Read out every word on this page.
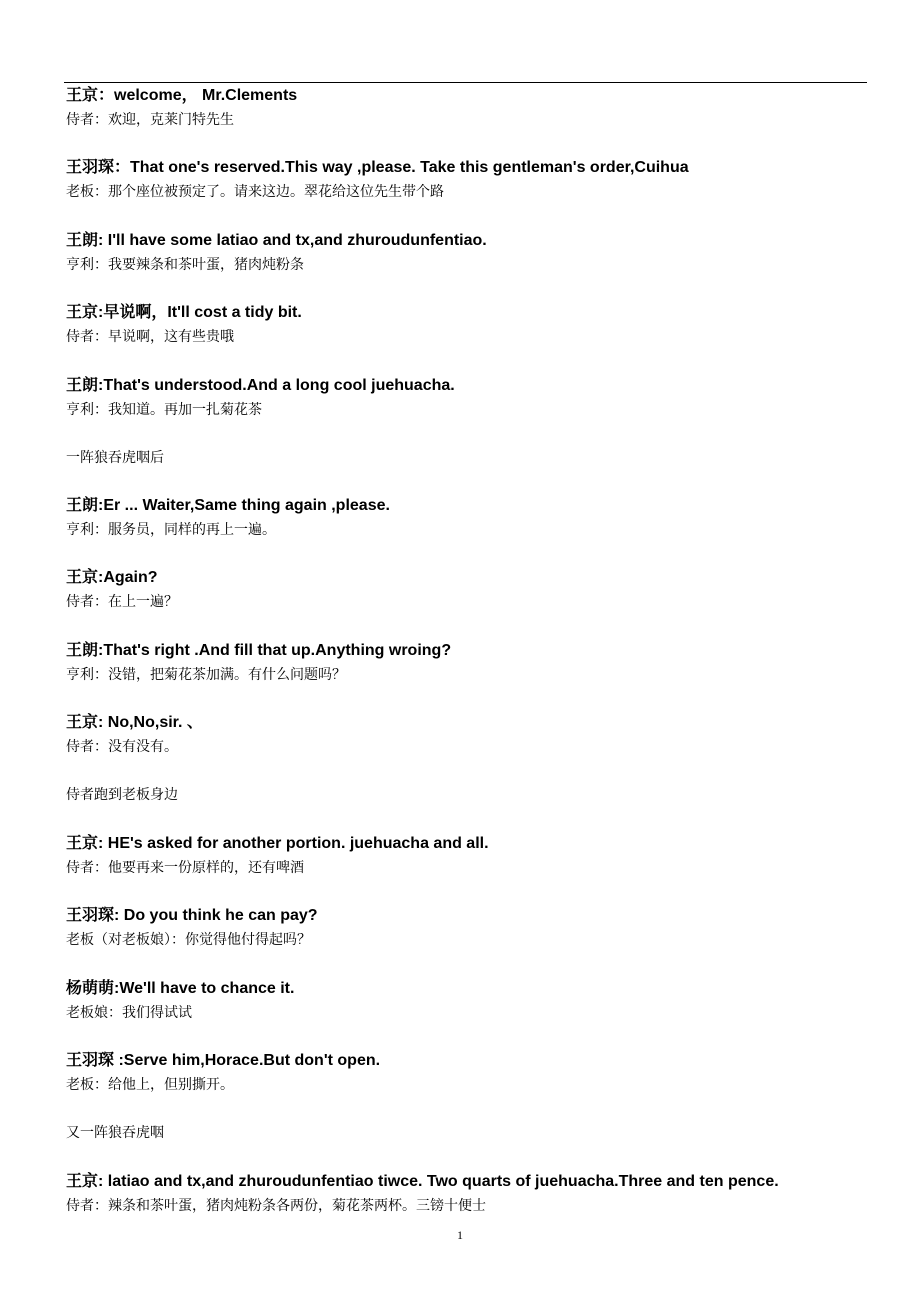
王京：welcome， Mr.Clements
侍者：欢迎，克莱门特先生
王羽琛：That one's reserved.This way ,please. Take this gentleman's order,Cuihua
老板：那个座位被预定了。请来这边。翠花给这位先生带个路
王朗: I'll have some latiao and tx,and zhuroudunfentiao.
亨利：我要辣条和茶叶蛋，猪肉炖粉条
王京:早说啊，It'll cost a tidy bit.
侍者：早说啊，这有些贵哦
王朗:That's understood.And a long cool juehuacha.
亨利：我知道。再加一扎菊花茶
一阵狼吞虎咽后
王朗:Er ... Waiter,Same thing again ,please.
亨利：服务员，同样的再上一遍。
王京:Again?
侍者：在上一遍？
王朗:That's right .And fill that up.Anything wroing?
亨利：没错，把菊花茶加满。有什么问题吗？
王京: No,No,sir. 、
侍者：没有没有。
侍者跑到老板身边
王京: HE's asked for another portion. juehuacha and all.
侍者：他要再来一份原样的，还有啤酒
王羽琛: Do you think he can pay?
老板（对老板娘）：你觉得他付得起吗？
杨萌萌:We'll have to chance it.
老板娘：我们得试试
王羽琛 :Serve him,Horace.But don't open.
老板：给他上，但别撕开。
又一阵狼吞虎咽
王京: latiao and tx,and zhuroudunfentiao tiwce. Two quarts of juehuacha.Three and ten pence.
侍者：辣条和茶叶蛋，猪肉炖粉条各两份，菊花茶两杯。三镑十便士
1
